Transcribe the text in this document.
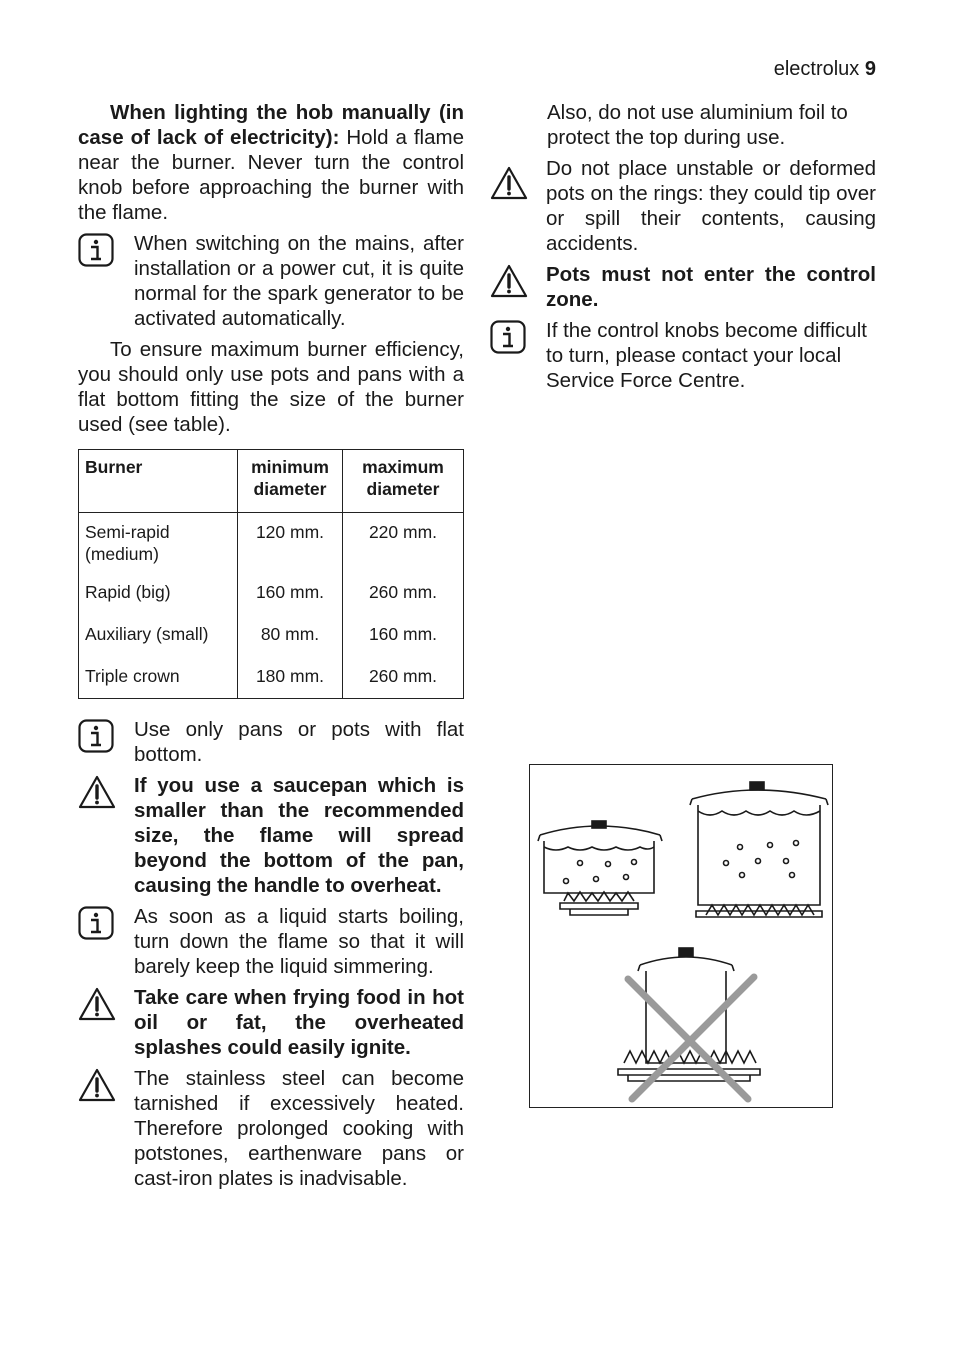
electrolux 9

When lighting the hob manually (in case of lack of electricity): Hold a flame near the burner. Never turn the control knob before approaching the burner with the flame.

When switching on the mains, after installation or a power cut, it is quite normal for the spark generator to be activated automatically.

To ensure maximum burner efficiency, you should only use pots and pans with a flat bottom fitting the size of the burner used (see table).

Burner	minimum diameter	maximum diameter
Semi-rapid (medium)	120 mm.	220 mm.
Rapid (big)	160 mm.	260 mm.
Auxiliary (small)	80 mm.	160 mm.
Triple crown	180 mm.	260 mm.

Use only pans or pots with flat bottom.

If you use a saucepan which is smaller than the recommended size, the flame will spread beyond the bottom of the pan, causing the handle to overheat.

As soon as a liquid starts boiling, turn down the flame so that it will barely keep the liquid simmering.

Take care when frying food in hot oil or fat, the overheated splashes could easily ignite.

The stainless steel can become tarnished if excessively heated. Therefore prolonged cooking with potstones, earthenware pans or cast-iron plates is inadvisable.

Also, do not use aluminium foil to protect the top during use.

Do not place unstable or deformed pots on the rings: they could tip over or spill their contents, causing accidents.

Pots must not enter the control zone.

If the control knobs become difficult to turn, please contact your local Service Force Centre.
